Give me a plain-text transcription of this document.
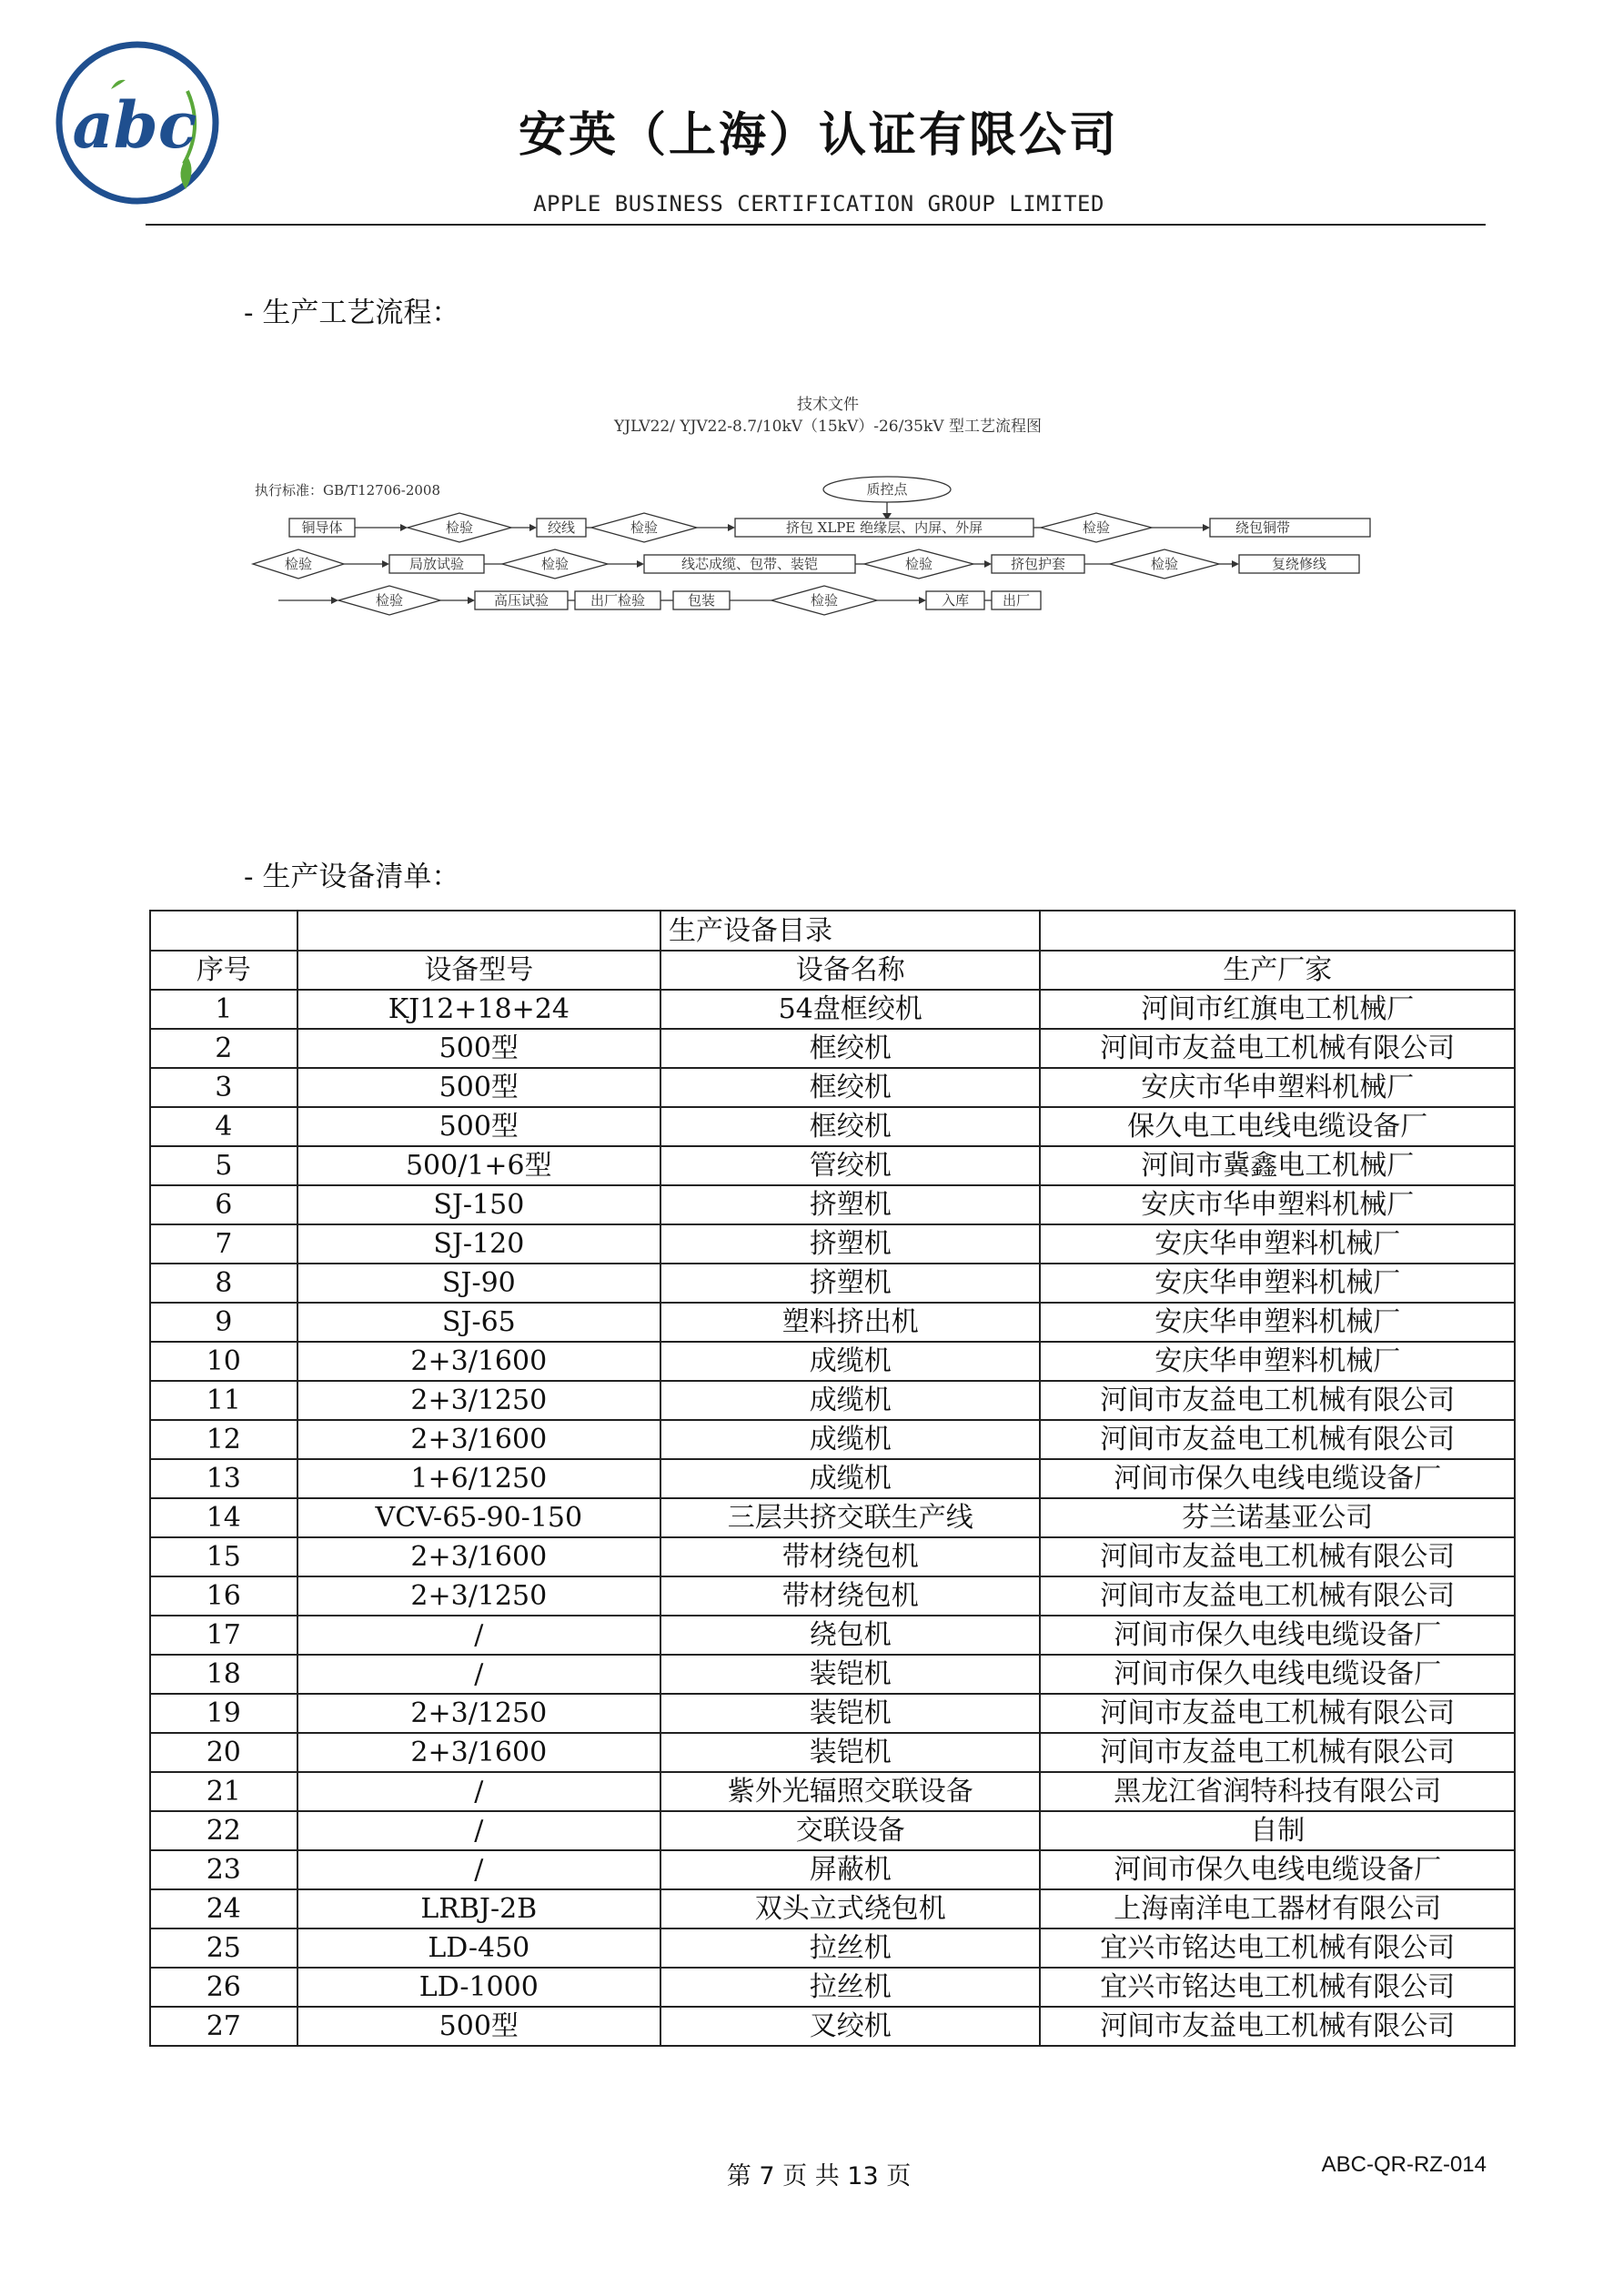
abc	安英（上海）认证有限公司
APPLE BUSINESS CERTIFICATION GROUP LIMITED
- 生产工艺流程：
技术文件
YJLV22/ YJV22-8.7/10kV（15kV）-26/35kV 型工艺流程图
执行标准：GB/T12706-2008	质控点
铜导体	检验	绞线	检验	挤包 XLPE 绝缘层、内屏、外屏	检验	绕包铜带
检验	局放试验	检验	线芯成缆、包带、装铠	检验	挤包护套	检验	复绕修线
检验	高压试验	出厂检验	包装	检验	入库 出厂
- 生产设备清单：
		生产设备目录	
序号	设备型号	设备名称	生产厂家
1	KJ12+18+24	54盘框绞机	河间市红旗电工机械厂
2	500型	框绞机	河间市友益电工机械有限公司
3	500型	框绞机	安庆市华申塑料机械厂
4	500型	框绞机	保久电工电线电缆设备厂
5	500/1+6型	管绞机	河间市冀鑫电工机械厂
6	SJ-150	挤塑机	安庆市华申塑料机械厂
7	SJ-120	挤塑机	安庆华申塑料机械厂
8	SJ-90	挤塑机	安庆华申塑料机械厂
9	SJ-65	塑料挤出机	安庆华申塑料机械厂
10	2+3/1600	成缆机	安庆华申塑料机械厂
11	2+3/1250	成缆机	河间市友益电工机械有限公司
12	2+3/1600	成缆机	河间市友益电工机械有限公司
13	1+6/1250	成缆机	河间市保久电线电缆设备厂
14	VCV-65-90-150	三层共挤交联生产线	芬兰诺基亚公司
15	2+3/1600	带材绕包机	河间市友益电工机械有限公司
16	2+3/1250	带材绕包机	河间市友益电工机械有限公司
17	/	绕包机	河间市保久电线电缆设备厂
18	/	装铠机	河间市保久电线电缆设备厂
19	2+3/1250	装铠机	河间市友益电工机械有限公司
20	2+3/1600	装铠机	河间市友益电工机械有限公司
21	/	紫外光辐照交联设备	黑龙江省润特科技有限公司
22	/	交联设备	自制
23	/	屏蔽机	河间市保久电线电缆设备厂
24	LRBJ-2B	双头立式绕包机	上海南洋电工器材有限公司
25	LD-450	拉丝机	宜兴市铭达电工机械有限公司
26	LD-1000	拉丝机	宜兴市铭达电工机械有限公司
27	500型	叉绞机	河间市友益电工机械有限公司
第 7 页 共 13 页	ABC-QR-RZ-014
